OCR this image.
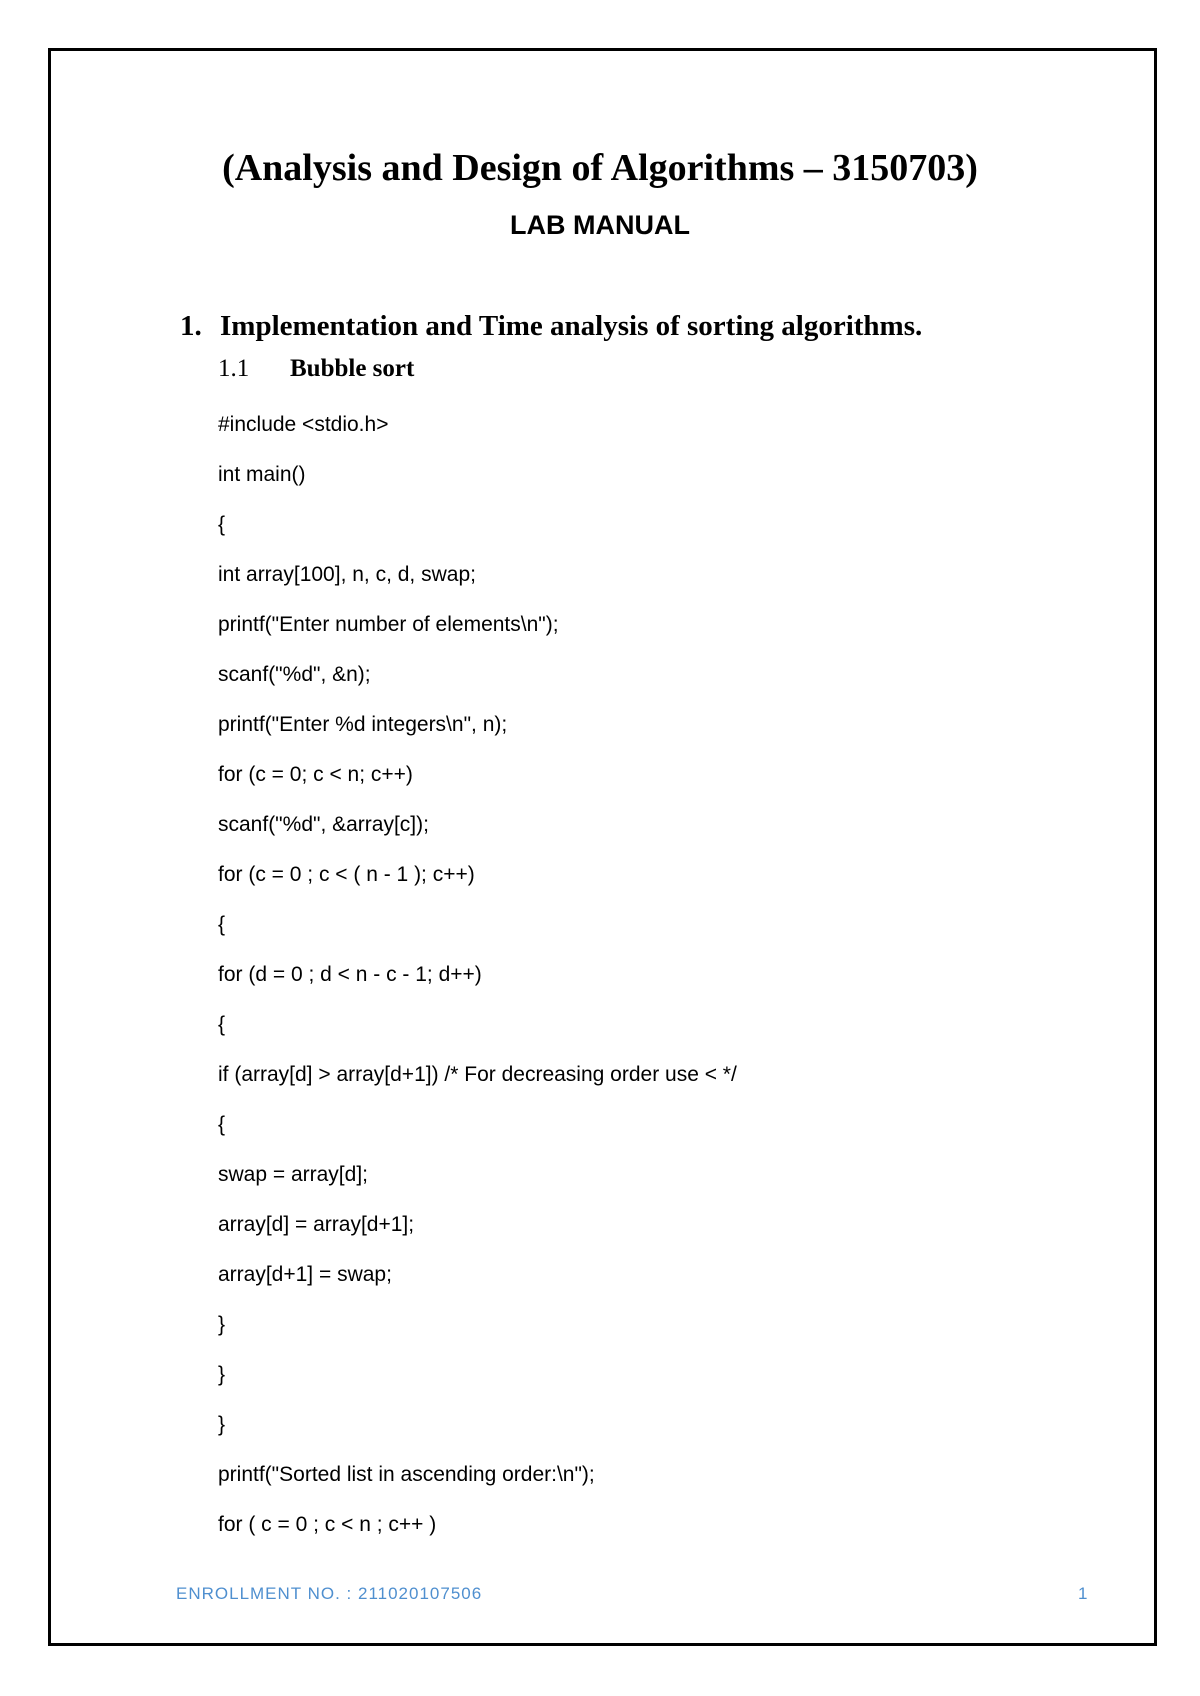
(Analysis and Design of Algorithms – 3150703)
LAB MANUAL
1. Implementation and Time analysis of sorting algorithms.
1.1 Bubble sort
#include <stdio.h>
int main()
{
int array[100], n, c, d, swap;
printf("Enter number of elements\n");
scanf("%d", &n);
printf("Enter %d integers\n", n);
for (c = 0; c < n; c++)
scanf("%d", &array[c]);
for (c = 0 ; c < ( n - 1 ); c++)
{
for (d = 0 ; d < n - c - 1; d++)
{
if (array[d] > array[d+1]) /* For decreasing order use < */
{
swap = array[d];
array[d] = array[d+1];
array[d+1] = swap;
}
}
}
printf("Sorted list in ascending order:\n");
for ( c = 0 ; c < n ; c++ )
ENROLLMENT NO. : 211020107506	1
